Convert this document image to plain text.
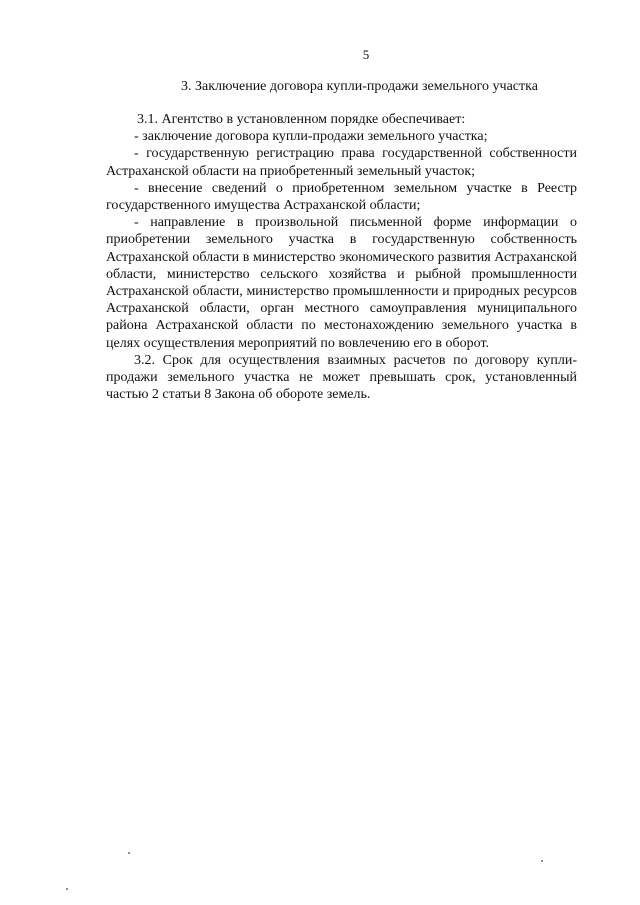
5
3. Заключение договора купли-продажи земельного участка

3.1. Агентство в установленном порядке обеспечивает:

- заключение договора купли-продажи земельного участка;

- государственную регистрацию права государственной собственности Астраханской области на приобретенный земельный участок;

- внесение сведений о приобретенном земельном участке в Реестр государственного имущества Астраханской области;

- направление в произвольной письменной форме информации о приобретении земельного участка в государственную собственность Астраханской области в министерство экономического развития Астраханской области, министерство сельского хозяйства и рыбной промышленности Астраханской области, министерство промышленности и природных ресурсов Астраханской области, орган местного самоуправления муниципального района Астраханской области по местонахождению земельного участка в целях осуществления мероприятий по вовлечению его в оборот.

3.2. Срок для осуществления взаимных расчетов по договору купли-продажи земельного участка не может превышать срок, установленный частью 2 статьи 8 Закона об обороте земель.
